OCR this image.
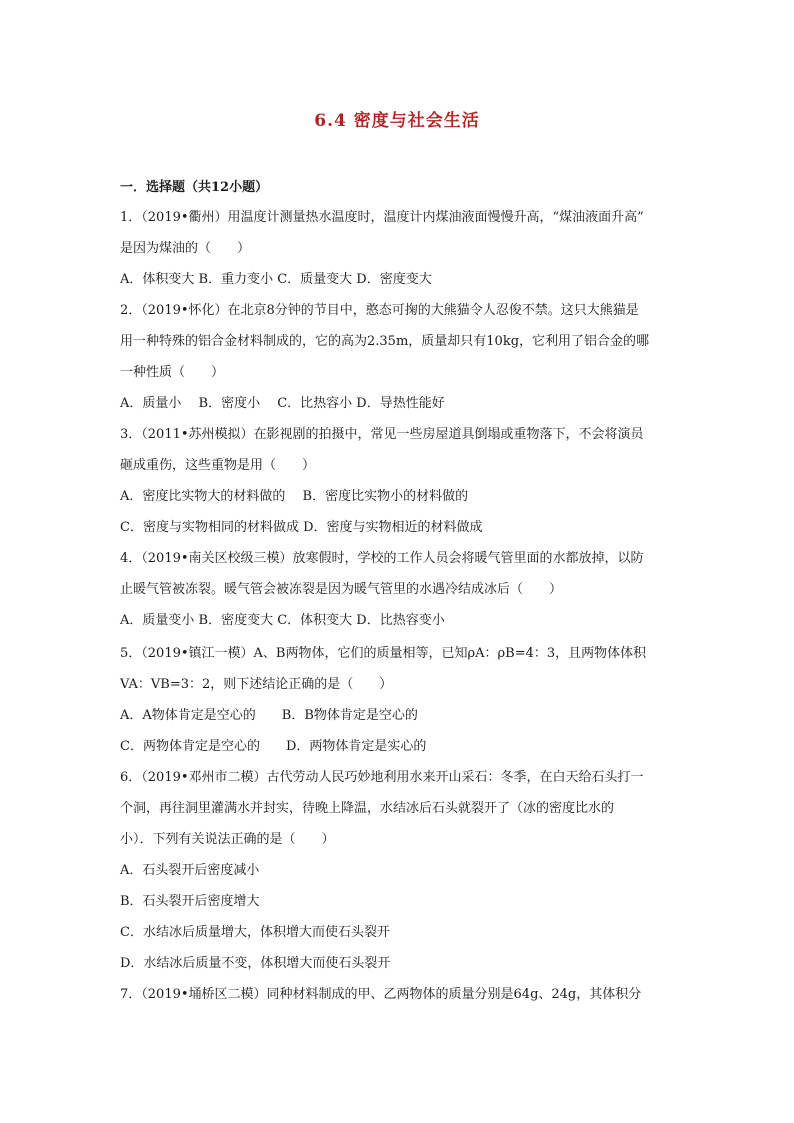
6.4 密度与社会生活
一．选择题（共12小题）
1．（2019•衢州）用温度计测量热水温度时，温度计内煤油液面慢慢升高，“煤油液面升高”
是因为煤油的（　　）
A．体积变大 B．重力变小 C．质量变大 D．密度变大
2．（2019•怀化）在北京8分钟的节目中，憨态可掬的大熊猫令人忍俊不禁。这只大熊猫是
用一种特殊的铝合金材料制成的，它的高为2.35m，质量却只有10kg，它利用了铝合金的哪
一种性质（　　）
A．质量小　 B．密度小　 C．比热容小 D．导热性能好
3．（2011•苏州模拟）在影视剧的拍摄中，常见一些房屋道具倒塌或重物落下，不会将演员
砸成重伤，这些重物是用（　　）
A．密度比实物大的材料做的　 B．密度比实物小的材料做的
C．密度与实物相同的材料做成 D．密度与实物相近的材料做成
4．（2019•南关区校级三模）放寒假时，学校的工作人员会将暖气管里面的水都放掉，以防
止暖气管被冻裂。暖气管会被冻裂是因为暖气管里的水遇冷结成冰后（　　）
A．质量变小 B．密度变大 C．体积变大 D．比热容变小
5．（2019•镇江一模）A、B两物体，它们的质量相等，已知ρA：ρB=4：3，且两物体体积
VA：VB=3：2，则下述结论正确的是（　　）
A．A物体肯定是空心的　　B．B物体肯定是空心的
C．两物体肯定是空心的　　D．两物体肯定是实心的
6．（2019•邓州市二模）古代劳动人民巧妙地利用水来开山采石：冬季，在白天给石头打一
个洞，再往洞里灌满水并封实，待晚上降温，水结冰后石头就裂开了（冰的密度比水的
小）．下列有关说法正确的是（　　）
A．石头裂开后密度减小
B．石头裂开后密度增大
C．水结冰后质量增大，体积增大而使石头裂开
D．水结冰后质量不变，体积增大而使石头裂开
7．（2019•埇桥区二模）同种材料制成的甲、乙两物体的质量分别是64g、24g，其体积分
